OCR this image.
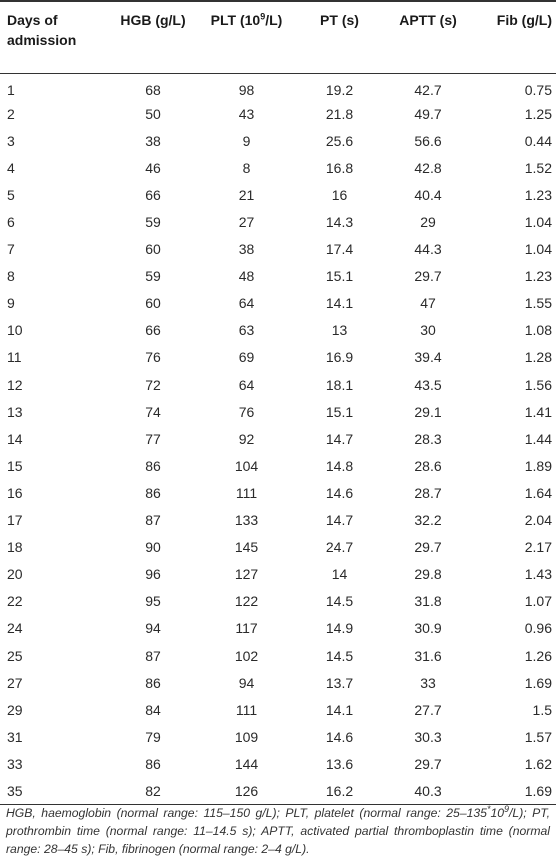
Days of admission	HGB (g/L)	PLT $(10^9/L)$	PT (s)	APTT (s)	Fib (g/L)
1	68	98	19.2	42.7	0.75
2	50	43	21.8	49.7	1.25
3	38	9	25.6	56.6	0.44
4	46	8	16.8	42.8	1.52
5	66	21	16	40.4	1.23
6	59	27	14.3	29	1.04
7	60	38	17.4	44.3	1.04
8	59	48	15.1	29.7	1.23
9	60	64	14.1	47	1.55
10	66	63	13	30	1.08
11	76	69	16.9	39.4	1.28
12	72	64	18.1	43.5	1.56
13	74	76	15.1	29.1	1.41
14	77	92	14.7	28.3	1.44
15	86	104	14.8	28.6	1.89
16	86	111	14.6	28.7	1.64
17	87	133	14.7	32.2	2.04
18	90	145	24.7	29.7	2.17
20	96	127	14	29.8	1.43
22	95	122	14.5	31.8	1.07
24	94	117	14.9	30.9	0.96
25	87	102	14.5	31.6	1.26
27	86	94	13.7	33	1.69
29	84	111	14.1	27.7	1.5
31	79	109	14.6	30.3	1.57
33	86	144	13.6	29.7	1.62
35	82	126	16.2	40.3	1.69
HGB, haemoglobin (normal range: 115–150 g/L); PLT, platelet (normal range: $25-135^*10^9/L$); PT, prothrombin time (normal range: 11–14.5 s); APTT, activated partial thromboplastin time (normal range: 28–45 s); Fib, fibrinogen (normal range: 2–4 g/L).
